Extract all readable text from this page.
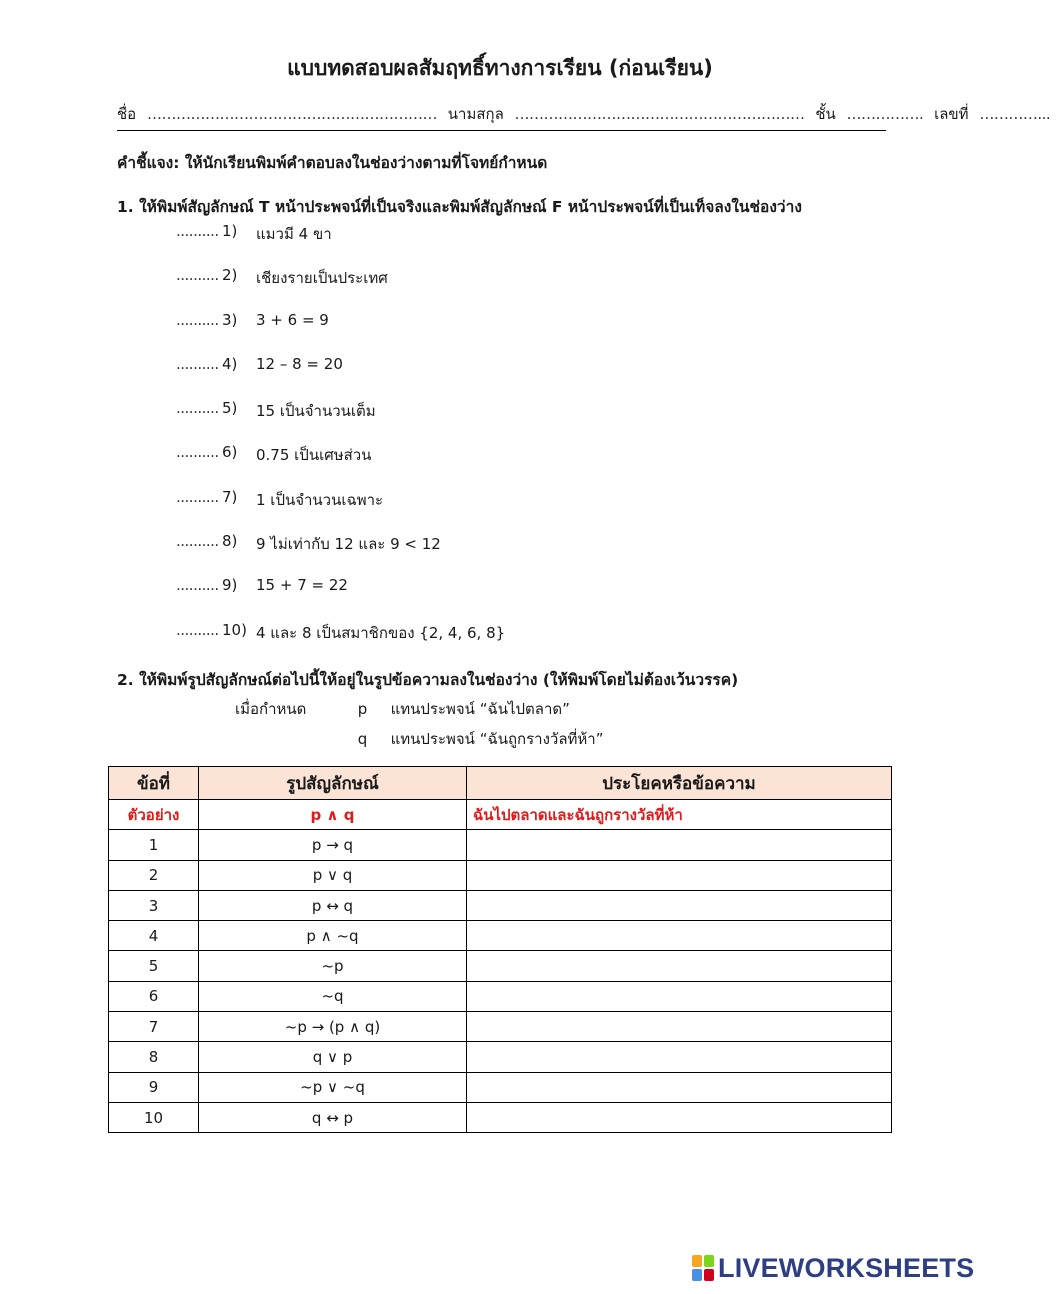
แบบทดสอบผลสัมฤทธิ์ทางการเรียน (ก่อนเรียน)
ชื่อ …………………………………………………… นามสกุล …………………………………………………… ชั้น ……………. เลขที่ …………...
คำชี้แจง: ให้นักเรียนพิมพ์คำตอบลงในช่องว่างตามที่โจทย์กำหนด
1. ให้พิมพ์สัญลักษณ์ T หน้าประพจน์ที่เป็นจริงและพิมพ์สัญลักษณ์ F หน้าประพจน์ที่เป็นเท็จลงในช่องว่าง
.......... 1)	แมวมี 4 ขา
.......... 2)	เชียงรายเป็นประเทศ
.......... 3)	3 + 6 = 9
.......... 4)	12 – 8 = 20
.......... 5)	15 เป็นจำนวนเต็ม
.......... 6)	0.75 เป็นเศษส่วน
.......... 7)	1 เป็นจำนวนเฉพาะ
.......... 8)	9 ไม่เท่ากับ 12 และ 9 < 12
.......... 9)	15 + 7 = 22
.......... 10) 4 และ 8 เป็นสมาชิกของ {2, 4, 6, 8}
2. ให้พิมพ์รูปสัญลักษณ์ต่อไปนี้ให้อยู่ในรูปข้อความลงในช่องว่าง (ให้พิมพ์โดยไม่ต้องเว้นวรรค)
เมื่อกำหนด	p แทนประพจน์ “ฉันไปตลาด”
q แทนประพจน์ “ฉันถูกรางวัลที่ห้า”
ข้อที่	รูปสัญลักษณ์	ประโยคหรือข้อความ
ตัวอย่าง	p ∧ q	ฉันไปตลาดและฉันถูกรางวัลที่ห้า
1	p → q	
2	p ∨ q	
3	p ↔ q	
4	p ∧ ~q	
5	~p	
6	~q	
7	~p → (p ∧ q)	
8	q ∨ p	
9	~p ∨ ~q	
10	q ↔ p	
LIVEWORKSHEETS
